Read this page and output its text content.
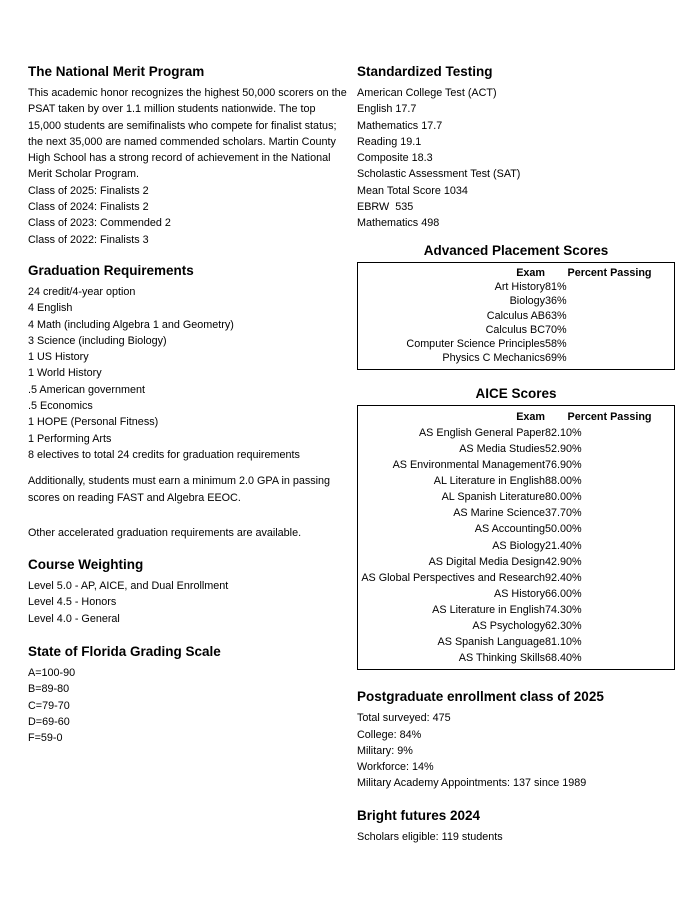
The National Merit Program

This academic honor recognizes the highest 50,000 scorers on the PSAT taken by over 1.1 million students nationwide. The top 15,000 students are semifinalists who compete for finalist status; the next 35,000 are named commended scholars. Martin County High School has a strong record of achievement in the National Merit Scholar Program.

Class of 2025: Finalists 2
Class of 2024: Finalists 2
Class of 2023: Commended 2
Class of 2022: Finalists 3
Graduation Requirements
24 credit/4-year option
4 English
4 Math (including Algebra 1 and Geometry)
3 Science (including Biology)
1 US History
1 World History
.5 American government
.5 Economics
1 HOPE (Personal Fitness)
1 Performing Arts
8 electives to total 24 credits for graduation requirements

Additionally, students must earn a minimum 2.0 GPA in passing scores on reading FAST and Algebra EEOC.

Other accelerated graduation requirements are available.

Course Weighting
Level 5.0 - AP, AICE, and Dual Enrollment
Level 4.5 - Honors
Level 4.0 - General
State of Florida Grading Scale
A=100-90
B=89-80
C=79-70
D=69-60
F=59-0
Standardized Testing
American College Test (ACT)
English 17.7
Mathematics 17.7
Reading 19.1
Composite 18.3
Scholastic Assessment Test (SAT)
Mean Total Score 1034
EBRW  535
Mathematics 498
Advanced Placement Scores
Exam	Percent Passing
Art History	81%
Biology	36%
Calculus AB	63%
Calculus BC	70%
Computer Science Principles	58%
Physics C Mechanics	69%
AICE Scores
Exam	Percent Passing
AS English General Paper	82.10%
AS Media Studies	52.90%
AS Environmental Management	76.90%
AL Literature in English	88.00%
AL Spanish Literature	80.00%
AS Marine Science	37.70%
AS Accounting	50.00%
AS Biology	21.40%
AS Digital Media Design	42.90%
AS Global Perspectives and Research	92.40%
AS History	66.00%
AS Literature in English	74.30%
AS Psychology	62.30%
AS Spanish Language	81.10%
AS Thinking Skills	68.40%
Postgraduate enrollment class of 2025
Total surveyed: 475
College: 84%
Military: 9%
Workforce: 14%
Military Academy Appointments: 137 since 1989
Bright futures 2024
Scholars eligible: 119 students
